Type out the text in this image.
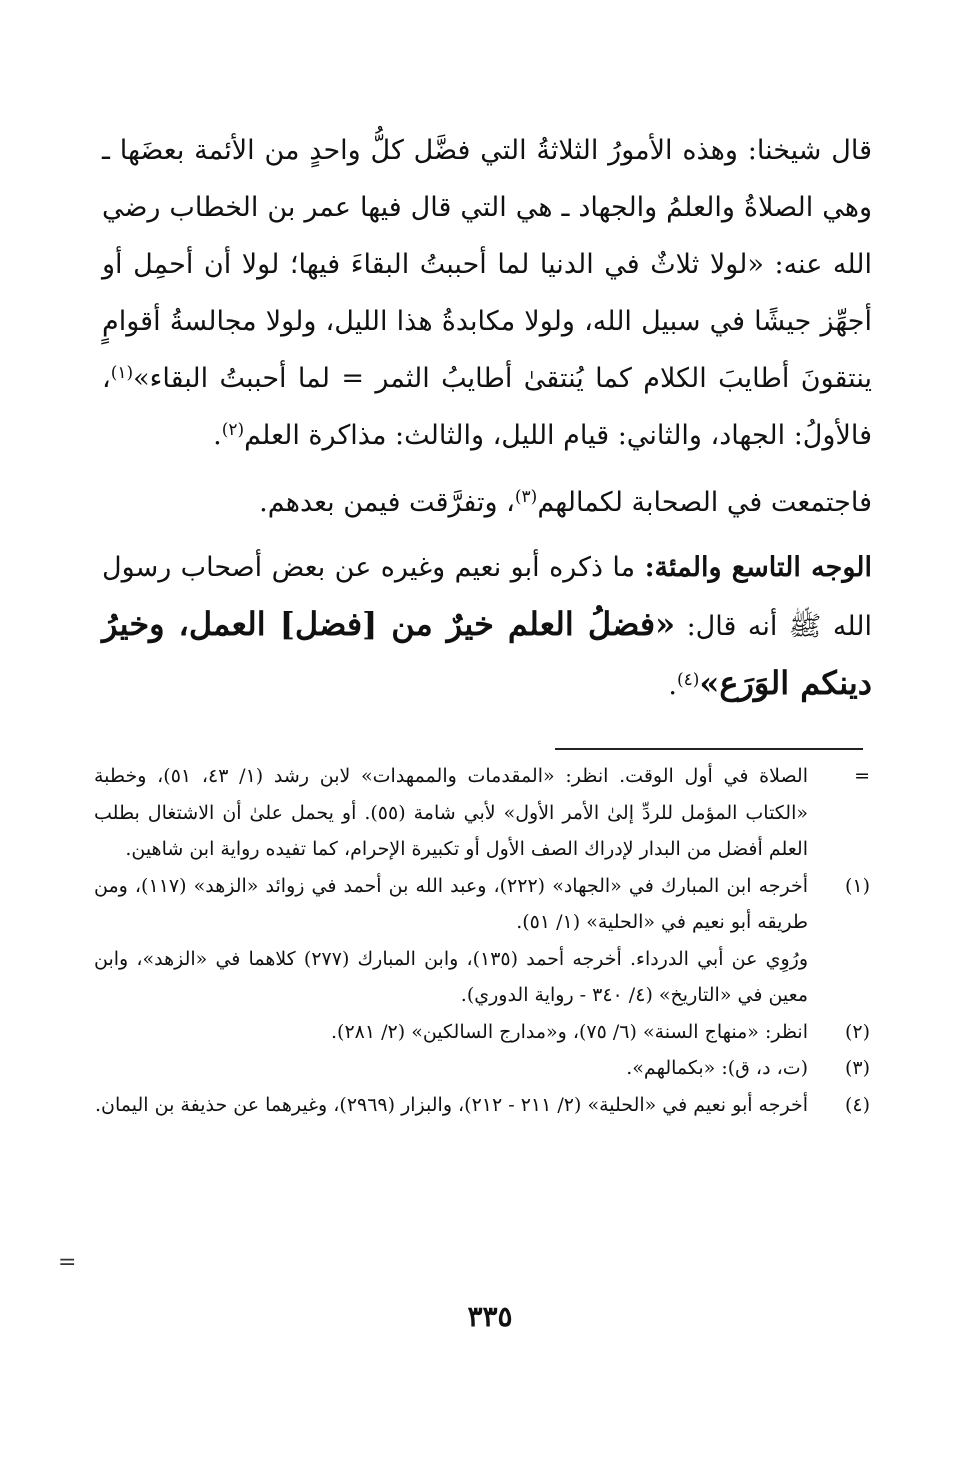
قال شيخنا: وهذه الأمورُ الثلاثةُ التي فضَّل كلُّ واحدٍ من الأئمة بعضَها ـ وهي الصلاةُ والعلمُ والجهاد ـ هي التي قال فيها عمر بن الخطاب رضي الله عنه: «لولا ثلاثٌ في الدنيا لما أحببتُ البقاءَ فيها؛ لولا أن أحمِل أو أجهِّز جيشًا في سبيل الله، ولولا مكابدةُ هذا الليل، ولولا مجالسةُ أقوامٍ ينتقونَ أطايبَ الكلام كما يُنتقىٰ أطايبُ الثمر = لما أحببتُ البقاء»$^{(١)}$، فالأولُ: الجهاد، والثاني: قيام الليل، والثالث: مذاكرة العلم$^{(٢)}$.

فاجتمعت في الصحابة لكمالهم$^{(٣)}$، وتفرَّقت فيمن بعدهم.

الوجه التاسع والمئة: ما ذكره أبو نعيم وغيره عن بعض أصحاب رسول الله ﷺ أنه قال: «فضلُ العلم خيرٌ من [فضل] العمل، وخيرُ دينكم الوَرَع»$^{(٤)}$.

=
الصلاة في أول الوقت. انظر: «المقدمات والممهدات» لابن رشد (١/ ٤٣، ٥١)، وخطبة «الكتاب المؤمل للردِّ إلىٰ الأمر الأول» لأبي شامة (٥٥). أو يحمل علىٰ أن الاشتغال بطلب العلم أفضل من البدار لإدراك الصف الأول أو تكبيرة الإحرام، كما تفيده رواية ابن شاهين.
(١)
أخرجه ابن المبارك في «الجهاد» (٢٢٢)، وعبد الله بن أحمد في زوائد «الزهد» (١١٧)، ومن طريقه أبو نعيم في «الحلية» (١/ ٥١).
ورُوِي عن أبي الدرداء. أخرجه أحمد (١٣٥)، وابن المبارك (٢٧٧) كلاهما في «الزهد»، وابن معين في «التاريخ» (٤/ ٣٤٠ - رواية الدوري).
(٢)
انظر: «منهاج السنة» (٦/ ٧٥)، و«مدارج السالكين» (٢/ ٢٨١).
(٣)
(ت، د، ق): «بكمالهم».
(٤)
أخرجه أبو نعيم في «الحلية» (٢/ ٢١١ - ٢١٢)، والبزار (٢٩٦٩)، وغيرهما عن حذيفة بن اليمان.
=
٣٣٥
